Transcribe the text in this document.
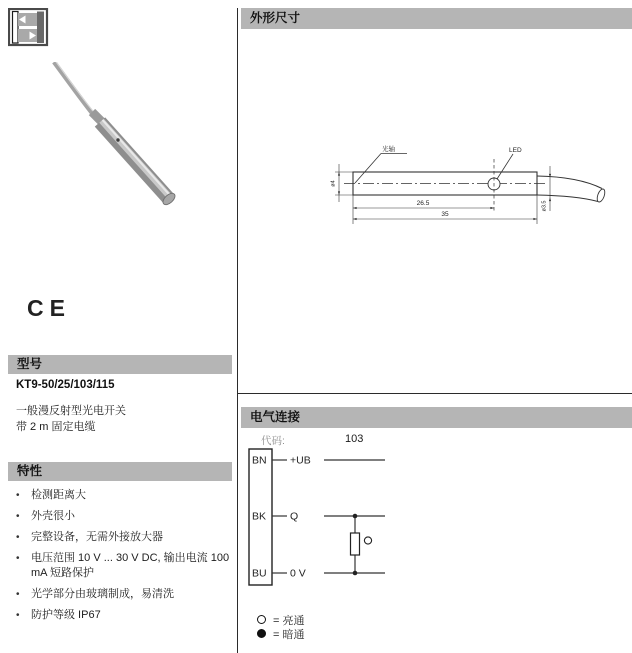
CE
型号
KT9-50/25/103/115
一般漫反射型光电开关
带 2 m 固定电缆
特性
•	检测距离大
•	外壳很小
•	完整设备，无需外接放大器
•	电压范围 10 V ... 30 V DC, 输出电流 100 mA 短路保护
•	光学部分由玻璃制成，易清洗
•	防护等级 IP67
外形尺寸
光轴	LED
ø4
26.5
35
ø3.5
电气连接
代码:	103
BN +UB
BK Q
BU 0 V
= 亮通
= 暗通
